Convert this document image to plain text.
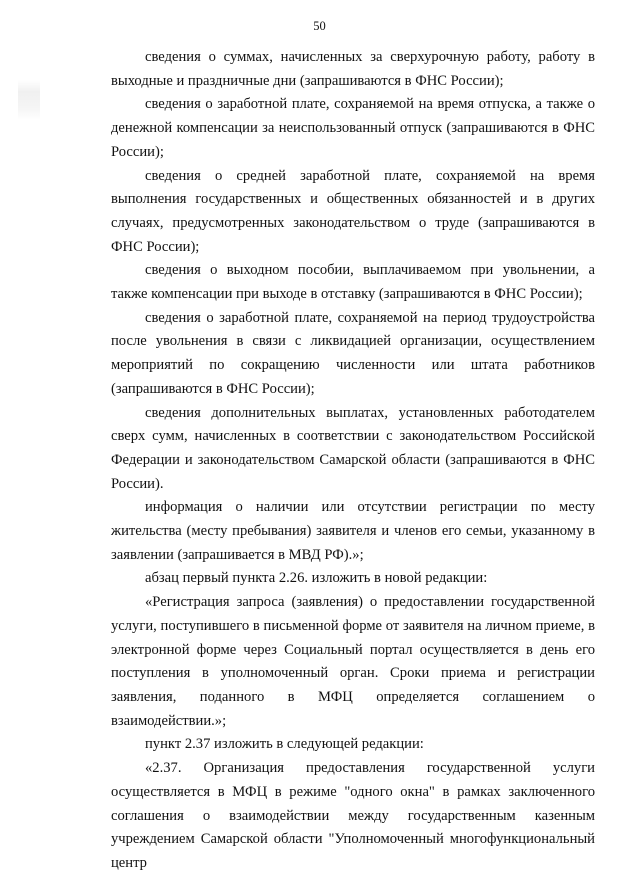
50

сведения о суммах, начисленных за сверхурочную работу, работу в выходные и праздничные дни (запрашиваются в ФНС России);

сведения о заработной плате, сохраняемой на время отпуска, а также о денежной компенсации за неиспользованный отпуск (запрашиваются в ФНС России);

сведения о средней заработной плате, сохраняемой на время выполнения государственных и общественных обязанностей и в других случаях, предусмотренных законодательством о труде (запрашиваются в ФНС России);

сведения о выходном пособии, выплачиваемом при увольнении, а также компенсации при выходе в отставку (запрашиваются в ФНС России);

сведения о заработной плате, сохраняемой на период трудоустройства после увольнения в связи с ликвидацией организации, осуществлением мероприятий по сокращению численности или штата работников (запрашиваются в ФНС России);

сведения дополнительных выплатах, установленных работодателем сверх сумм, начисленных в соответствии с законодательством Российской Федерации и законодательством Самарской области (запрашиваются в ФНС России).

информация о наличии или отсутствии регистрации по месту жительства (месту пребывания) заявителя и членов его семьи, указанному в заявлении (запрашивается в МВД РФ).»;

абзац первый пункта 2.26. изложить в новой редакции:

«Регистрация запроса (заявления) о предоставлении государственной услуги, поступившего в письменной форме от заявителя на личном приеме, в электронной форме через Социальный портал осуществляется в день его поступления в уполномоченный орган. Сроки приема и регистрации заявления, поданного в МФЦ определяется соглашением о взаимодействии.»;

пункт 2.37 изложить в следующей редакции:

«2.37. Организация предоставления государственной услуги осуществляется в МФЦ в режиме "одного окна" в рамках заключенного соглашения о взаимодействии между государственным казенным учреждением Самарской области "Уполномоченный многофункциональный центр
